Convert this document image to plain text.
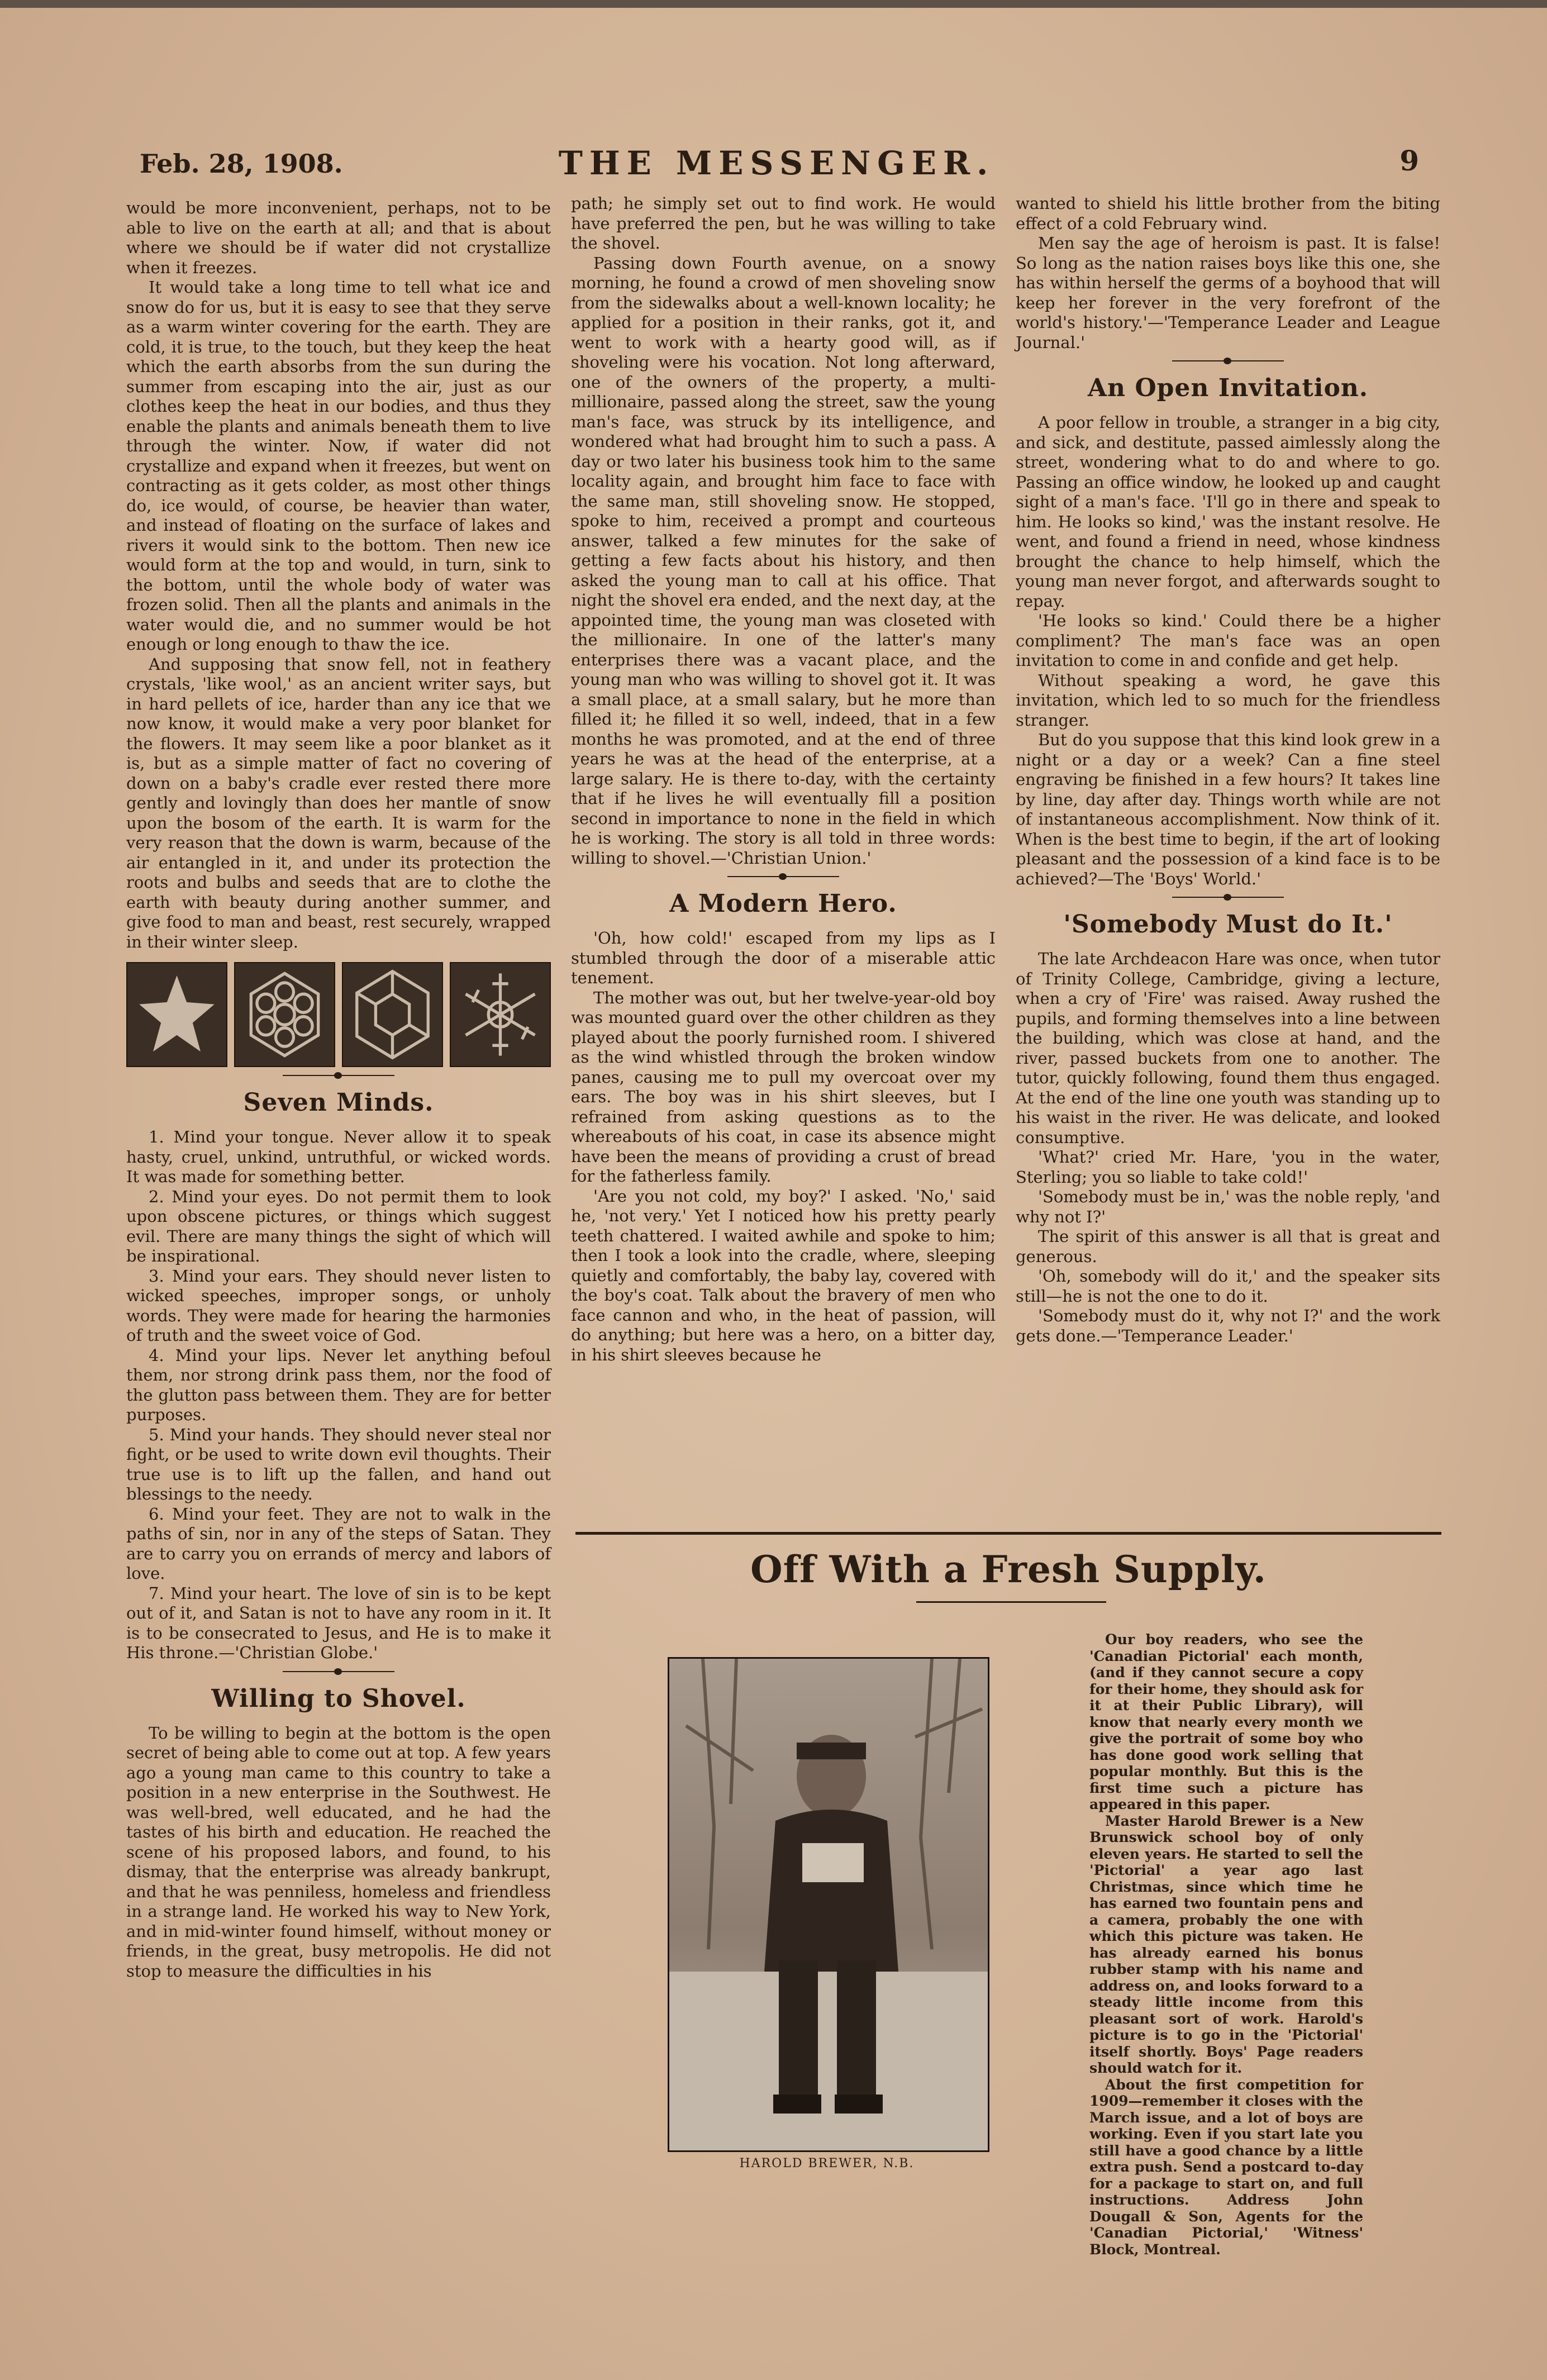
Feb. 28, 1908.	THE MESSENGER.	9

would be more inconvenient, perhaps, not to be able to live on the earth at all; and that is about where we should be if water did not crystallize when it freezes.

It would take a long time to tell what ice and snow do for us, but it is easy to see that they serve as a warm winter covering for the earth. They are cold, it is true, to the touch, but they keep the heat which the earth absorbs from the sun during the summer from escaping into the air, just as our clothes keep the heat in our bodies, and thus they enable the plants and animals beneath them to live through the winter. Now, if water did not crystallize and expand when it freezes, but went on contracting as it gets colder, as most other things do, ice would, of course, be heavier than water, and instead of floating on the surface of lakes and rivers it would sink to the bottom. Then new ice would form at the top and would, in turn, sink to the bottom, until the whole body of water was frozen solid. Then all the plants and animals in the water would die, and no summer would be hot enough or long enough to thaw the ice.

And supposing that snow fell, not in feathery crystals, 'like wool,' as an ancient writer says, but in hard pellets of ice, harder than any ice that we now know, it would make a very poor blanket for the flowers. It may seem like a poor blanket as it is, but as a simple matter of fact no covering of down on a baby's cradle ever rested there more gently and lovingly than does her mantle of snow upon the bosom of the earth. It is warm for the very reason that the down is warm, because of the air entangled in it, and under its protection the roots and bulbs and seeds that are to clothe the earth with beauty during another summer, and give food to man and beast, rest securely, wrapped in their winter sleep.

Seven Minds.

1. Mind your tongue. Never allow it to speak hasty, cruel, unkind, untruthful, or wicked words. It was made for something better.

2. Mind your eyes. Do not permit them to look upon obscene pictures, or things which suggest evil. There are many things the sight of which will be inspirational.

3. Mind your ears. They should never listen to wicked speeches, improper songs, or unholy words. They were made for hearing the harmonies of truth and the sweet voice of God.

4. Mind your lips. Never let anything befoul them, nor strong drink pass them, nor the food of the glutton pass between them. They are for better purposes.

5. Mind your hands. They should never steal nor fight, or be used to write down evil thoughts. Their true use is to lift up the fallen, and hand out blessings to the needy.

6. Mind your feet. They are not to walk in the paths of sin, nor in any of the steps of Satan. They are to carry you on errands of mercy and labors of love.

7. Mind your heart. The love of sin is to be kept out of it, and Satan is not to have any room in it. It is to be consecrated to Jesus, and He is to make it His throne.—'Christian Globe.'

Willing to Shovel.

To be willing to begin at the bottom is the open secret of being able to come out at top. A few years ago a young man came to this country to take a position in a new enterprise in the Southwest. He was well-bred, well educated, and he had the tastes of his birth and education. He reached the scene of his proposed labors, and found, to his dismay, that the enterprise was already bankrupt, and that he was penniless, homeless and friendless in a strange land. He worked his way to New York, and in mid-winter found himself, without money or friends, in the great, busy metropolis. He did not stop to measure the difficulties in his

path; he simply set out to find work. He would have preferred the pen, but he was willing to take the shovel.

Passing down Fourth avenue, on a snowy morning, he found a crowd of men shoveling snow from the sidewalks about a well-known locality; he applied for a position in their ranks, got it, and went to work with a hearty good will, as if shoveling were his vocation. Not long afterward, one of the owners of the property, a multi-millionaire, passed along the street, saw the young man's face, was struck by its intelligence, and wondered what had brought him to such a pass. A day or two later his business took him to the same locality again, and brought him face to face with the same man, still shoveling snow. He stopped, spoke to him, received a prompt and courteous answer, talked a few minutes for the sake of getting a few facts about his history, and then asked the young man to call at his office. That night the shovel era ended, and the next day, at the appointed time, the young man was closeted with the millionaire. In one of the latter's many enterprises there was a vacant place, and the young man who was willing to shovel got it. It was a small place, at a small salary, but he more than filled it; he filled it so well, indeed, that in a few months he was promoted, and at the end of three years he was at the head of the enterprise, at a large salary. He is there to-day, with the certainty that if he lives he will eventually fill a position second in importance to none in the field in which he is working. The story is all told in three words: willing to shovel.—'Christian Union.'

A Modern Hero.

'Oh, how cold!' escaped from my lips as I stumbled through the door of a miserable attic tenement.

The mother was out, but her twelve-year-old boy was mounted guard over the other children as they played about the poorly furnished room. I shivered as the wind whistled through the broken window panes, causing me to pull my overcoat over my ears. The boy was in his shirt sleeves, but I refrained from asking questions as to the whereabouts of his coat, in case its absence might have been the means of providing a crust of bread for the fatherless family.

'Are you not cold, my boy?' I asked. 'No,' said he, 'not very.' Yet I noticed how his pretty pearly teeth chattered. I waited awhile and spoke to him; then I took a look into the cradle, where, sleeping quietly and comfortably, the baby lay, covered with the boy's coat. Talk about the bravery of men who face cannon and who, in the heat of passion, will do anything; but here was a hero, on a bitter day, in his shirt sleeves because he

wanted to shield his little brother from the biting effect of a cold February wind.

Men say the age of heroism is past. It is false! So long as the nation raises boys like this one, she has within herself the germs of a boyhood that will keep her forever in the very forefront of the world's history.'—'Temperance Leader and League Journal.'

An Open Invitation.

A poor fellow in trouble, a stranger in a big city, and sick, and destitute, passed aimlessly along the street, wondering what to do and where to go. Passing an office window, he looked up and caught sight of a man's face. 'I'll go in there and speak to him. He looks so kind,' was the instant resolve. He went, and found a friend in need, whose kindness brought the chance to help himself, which the young man never forgot, and afterwards sought to repay.

'He looks so kind.' Could there be a higher compliment? The man's face was an open invitation to come in and confide and get help.

Without speaking a word, he gave this invitation, which led to so much for the friendless stranger.

But do you suppose that this kind look grew in a night or a day or a week? Can a fine steel engraving be finished in a few hours? It takes line by line, day after day. Things worth while are not of instantaneous accomplishment. Now think of it. When is the best time to begin, if the art of looking pleasant and the possession of a kind face is to be achieved?—The 'Boys' World.'

'Somebody Must do It.'

The late Archdeacon Hare was once, when tutor of Trinity College, Cambridge, giving a lecture, when a cry of 'Fire' was raised. Away rushed the pupils, and forming themselves into a line between the building, which was close at hand, and the river, passed buckets from one to another. The tutor, quickly following, found them thus engaged. At the end of the line one youth was standing up to his waist in the river. He was delicate, and looked consumptive.

'What?' cried Mr. Hare, 'you in the water, Sterling; you so liable to take cold!'

'Somebody must be in,' was the noble reply, 'and why not I?'

The spirit of this answer is all that is great and generous.

'Oh, somebody will do it,' and the speaker sits still—he is not the one to do it.

'Somebody must do it, why not I?' and the work gets done.—'Temperance Leader.'

Off With a Fresh Supply.
HAROLD BREWER, N.B.

Our boy readers, who see the 'Canadian Pictorial' each month, (and if they cannot secure a copy for their home, they should ask for it at their Public Library), will know that nearly every month we give the portrait of some boy who has done good work selling that popular monthly. But this is the first time such a picture has appeared in this paper.

Master Harold Brewer is a New Brunswick school boy of only eleven years. He started to sell the 'Pictorial' a year ago last Christmas, since which time he has earned two fountain pens and a camera, probably the one with which this picture was taken. He has already earned his bonus rubber stamp with his name and address on, and looks forward to a steady little income from this pleasant sort of work. Harold's picture is to go in the 'Pictorial' itself shortly. Boys' Page readers should watch for it.

About the first competition for 1909—remember it closes with the March issue, and a lot of boys are working. Even if you start late you still have a good chance by a little extra push. Send a postcard to-day for a package to start on, and full instructions. Address John Dougall & Son, Agents for the 'Canadian Pictorial,' 'Witness' Block, Montreal.
